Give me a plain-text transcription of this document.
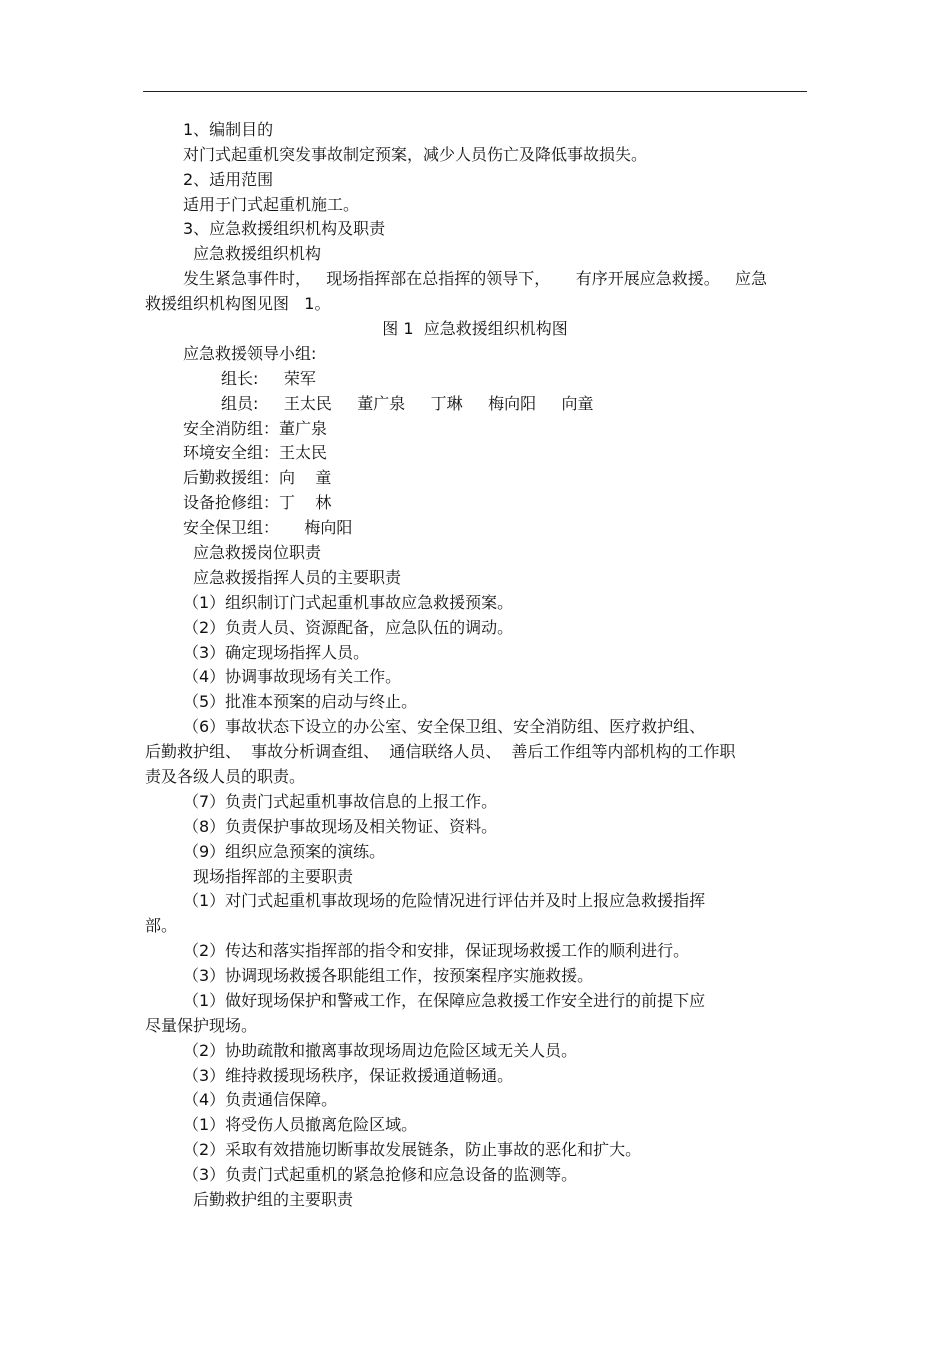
1、编制目的
对门式起重机突发事故制定预案，减少人员伤亡及降低事故损失。
2、适用范围
适用于门式起重机施工。
3、应急救援组织机构及职责
应急救援组织机构
发生紧急事件时，   现场指挥部在总指挥的领导下，     有序开展应急救援。   应急
救援组织机构图见图   1。
图 1  应急救援组织机构图
应急救援领导小组:
组长:     荣军
组员:     王太民     董广泉     丁琳     梅向阳     向童
安全消防组：董广泉
环境安全组：王太民
后勤救援组：向    童
设备抢修组：丁    林
安全保卫组：     梅向阳
应急救援岗位职责
应急救援指挥人员的主要职责
（1）组织制订门式起重机事故应急救援预案。
（2）负责人员、资源配备，应急队伍的调动。
（3）确定现场指挥人员。
（4）协调事故现场有关工作。
（5）批准本预案的启动与终止。
（6）事故状态下设立的办公室、安全保卫组、安全消防组、医疗救护组、
后勤救护组、  事故分析调查组、  通信联络人员、  善后工作组等内部机构的工作职
责及各级人员的职责。
（7）负责门式起重机事故信息的上报工作。
（8）负责保护事故现场及相关物证、资料。
（9）组织应急预案的演练。
现场指挥部的主要职责
（1）对门式起重机事故现场的危险情况进行评估并及时上报应急救援指挥
部。
（2）传达和落实指挥部的指令和安排，保证现场救援工作的顺利进行。
（3）协调现场救援各职能组工作，按预案程序实施救援。
（1）做好现场保护和警戒工作，在保障应急救援工作安全进行的前提下应
尽量保护现场。
（2）协助疏散和撤离事故现场周边危险区域无关人员。
（3）维持救援现场秩序，保证救援通道畅通。
（4）负责通信保障。
（1）将受伤人员撤离危险区域。
（2）采取有效措施切断事故发展链条，防止事故的恶化和扩大。
（3）负责门式起重机的紧急抢修和应急设备的监测等。
后勤救护组的主要职责
